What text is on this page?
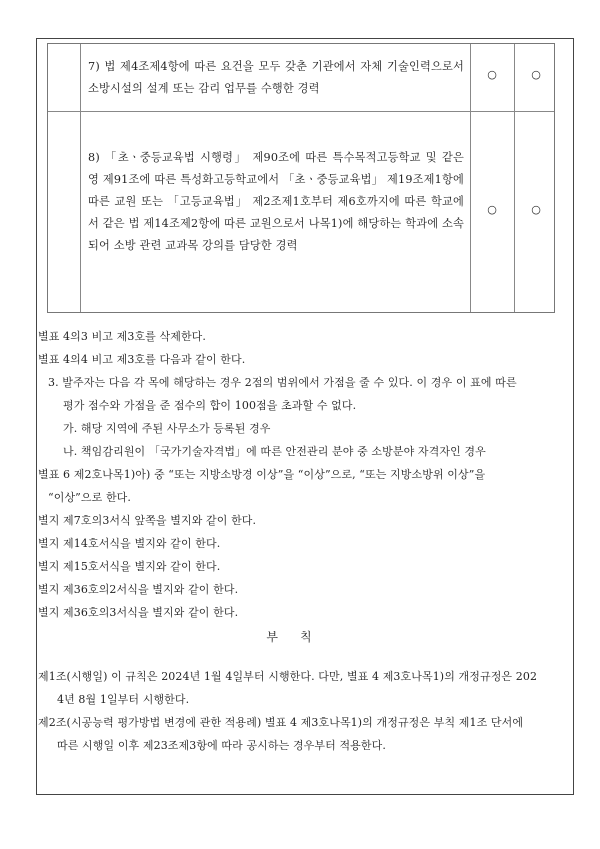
7) 법 제4조제4항에 따른 요건을 모두 갖춘 기관에서 자체 기술인력으로서 소방시설의 설계 또는 감리 업무를 수행한 경력
○	○
8) 「초ㆍ중등교육법 시행령」 제90조에 따른 특수목적고등학교 및 같은 영 제91조에 따른 특성화고등학교에서 「초ㆍ중등교육법」 제19조제1항에 따른 교원 또는 「고등교육법」 제2조제1호부터 제6호까지에 따른 학교에서 같은 법 제14조제2항에 따른 교원으로서 나목1)에 해당하는 학과에 소속되어 소방 관련 교과목 강의를 담당한 경력
○	○
별표 4의3 비고 제3호를 삭제한다.
별표 4의4 비고 제3호를 다음과 같이 한다.
3. 발주자는 다음 각 목에 해당하는 경우 2점의 범위에서 가점을 줄 수 있다. 이 경우 이 표에 따른
평가 점수와 가점을 준 점수의 합이 100점을 초과할 수 없다.
가. 해당 지역에 주된 사무소가 등록된 경우
나. 책임감리원이 「국가기술자격법」에 따른 안전관리 분야 중 소방분야 자격자인 경우
별표 6 제2호나목1)아) 중 “또는 지방소방경 이상”을 “이상”으로, “또는 지방소방위 이상”을
“이상”으로 한다.
별지 제7호의3서식 앞쪽을 별지와 같이 한다.
별지 제14호서식을 별지와 같이 한다.
별지 제15호서식을 별지와 같이 한다.
별지 제36호의2서식을 별지와 같이 한다.
별지 제36호의3서식을 별지와 같이 한다.
부칙
제1조(시행일) 이 규칙은 2024년 1월 4일부터 시행한다. 다만, 별표 4 제3호나목1)의 개정규정은 202
4년 8월 1일부터 시행한다.
제2조(시공능력 평가방법 변경에 관한 적용례) 별표 4 제3호나목1)의 개정규정은 부칙 제1조 단서에
따른 시행일 이후 제23조제3항에 따라 공시하는 경우부터 적용한다.
